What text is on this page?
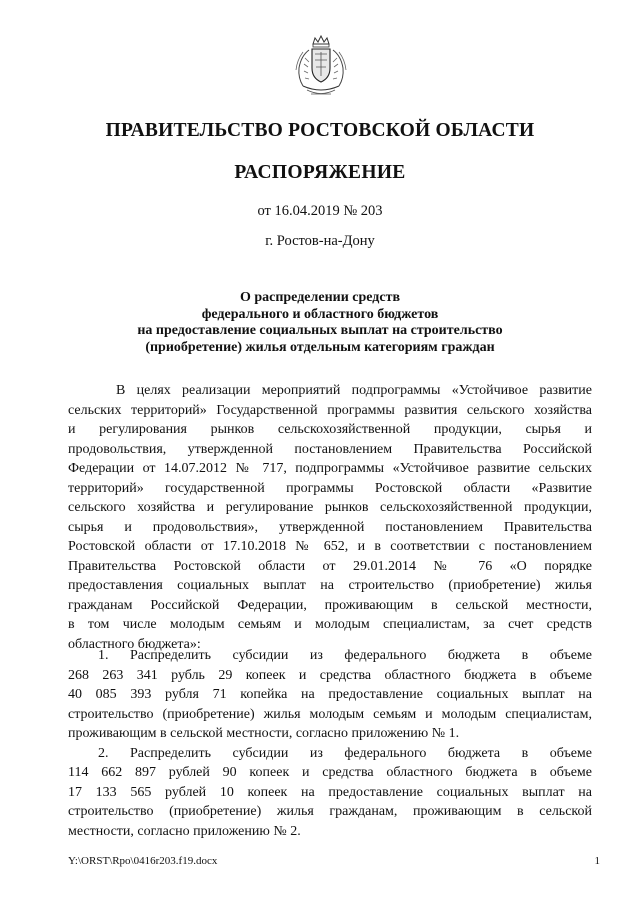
ПРАВИТЕЛЬСТВО РОСТОВСКОЙ ОБЛАСТИ
РАСПОРЯЖЕНИЕ
от 16.04.2019 № 203
г. Ростов-на-Дону
О распределении средств
федерального и областного бюджетов
на предоставление социальных выплат на строительство
(приобретение) жилья отдельным категориям граждан
В целях реализации мероприятий подпрограммы «Устойчивое развитие
сельских территорий» Государственной программы развития сельского хозяйства
и регулирования рынков сельскохозяйственной продукции, сырья и
продовольствия, утвержденной постановлением Правительства Российской
Федерации от 14.07.2012 № 717, подпрограммы «Устойчивое развитие сельских
территорий» государственной программы Ростовской области «Развитие
сельского хозяйства и регулирование рынков сельскохозяйственной продукции,
сырья и продовольствия», утвержденной постановлением Правительства
Ростовской области от 17.10.2018 № 652, и в соответствии с постановлением
Правительства Ростовской области от 29.01.2014 № 76 «О порядке
предоставления социальных выплат на строительство (приобретение) жилья
гражданам Российской Федерации, проживающим в сельской местности,
в том числе молодым семьям и молодым специалистам, за счет средств
областного бюджета»:
1. Распределить субсидии из федерального бюджета в объеме
268 263 341 рубль 29 копеек и средства областного бюджета в объеме
40 085 393 рубля 71 копейка на предоставление социальных выплат на
строительство (приобретение) жилья молодым семьям и молодым специалистам,
проживающим в сельской местности, согласно приложению № 1.
2. Распределить субсидии из федерального бюджета в объеме
114 662 897 рублей 90 копеек и средства областного бюджета в объеме
17 133 565 рублей 10 копеек на предоставление социальных выплат на
строительство (приобретение) жилья гражданам, проживающим в сельской
местности, согласно приложению № 2.
Y:\ORST\Rpo\0416r203.f19.docx	1
